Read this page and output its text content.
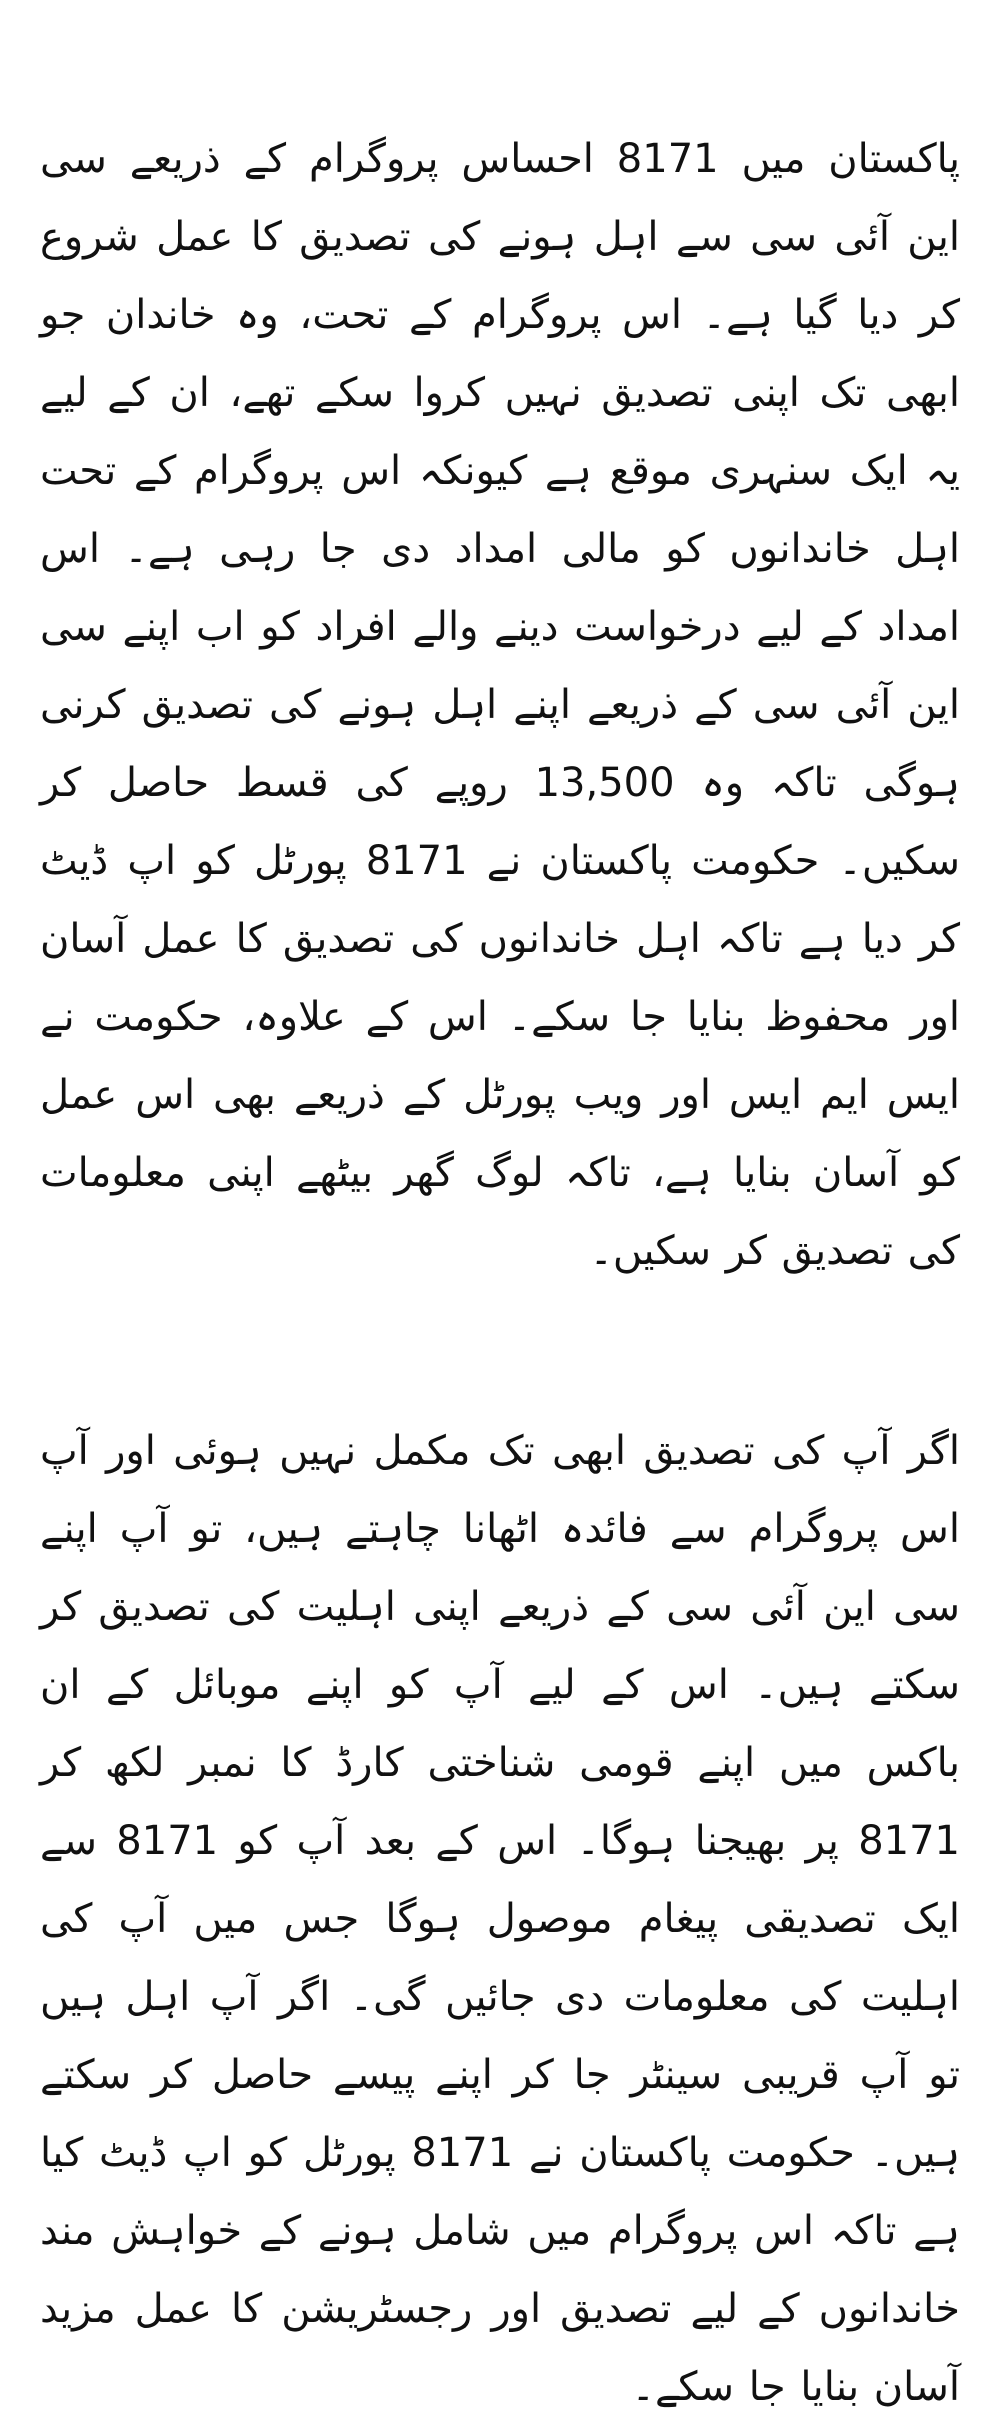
پاکستان میں 8171 احساس پروگرام کے ذریعے سی این آئی سی سے اہل ہونے کی تصدیق کا عمل شروع کر دیا گیا ہے۔ اس پروگرام کے تحت، وہ خاندان جو ابھی تک اپنی تصدیق نہیں کروا سکے تھے، ان کے لیے یہ ایک سنہری موقع ہے کیونکہ اس پروگرام کے تحت اہل خاندانوں کو مالی امداد دی جا رہی ہے۔ اس امداد کے لیے درخواست دینے والے افراد کو اب اپنے سی این آئی سی کے ذریعے اپنے اہل ہونے کی تصدیق کرنی ہوگی تاکہ وہ 13,500 روپے کی قسط حاصل کر سکیں۔ حکومت پاکستان نے 8171 پورٹل کو اپ ڈیٹ کر دیا ہے تاکہ اہل خاندانوں کی تصدیق کا عمل آسان اور محفوظ بنایا جا سکے۔ اس کے علاوہ، حکومت نے ایس ایم ایس اور ویب پورٹل کے ذریعے بھی اس عمل کو آسان بنایا ہے، تاکہ لوگ گھر بیٹھے اپنی معلومات کی تصدیق کر سکیں۔

اگر آپ کی تصدیق ابھی تک مکمل نہیں ہوئی اور آپ اس پروگرام سے فائدہ اٹھانا چاہتے ہیں، تو آپ اپنے سی این آئی سی کے ذریعے اپنی اہلیت کی تصدیق کر سکتے ہیں۔ اس کے لیے آپ کو اپنے موبائل کے ان باکس میں اپنے قومی شناختی کارڈ کا نمبر لکھ کر 8171 پر بھیجنا ہوگا۔ اس کے بعد آپ کو 8171 سے ایک تصدیقی پیغام موصول ہوگا جس میں آپ کی اہلیت کی معلومات دی جائیں گی۔ اگر آپ اہل ہیں تو آپ قریبی سینٹر جا کر اپنے پیسے حاصل کر سکتے ہیں۔ حکومت پاکستان نے 8171 پورٹل کو اپ ڈیٹ کیا ہے تاکہ اس پروگرام میں شامل ہونے کے خواہش مند خاندانوں کے لیے تصدیق اور رجسٹریشن کا عمل مزید آسان بنایا جا سکے۔
